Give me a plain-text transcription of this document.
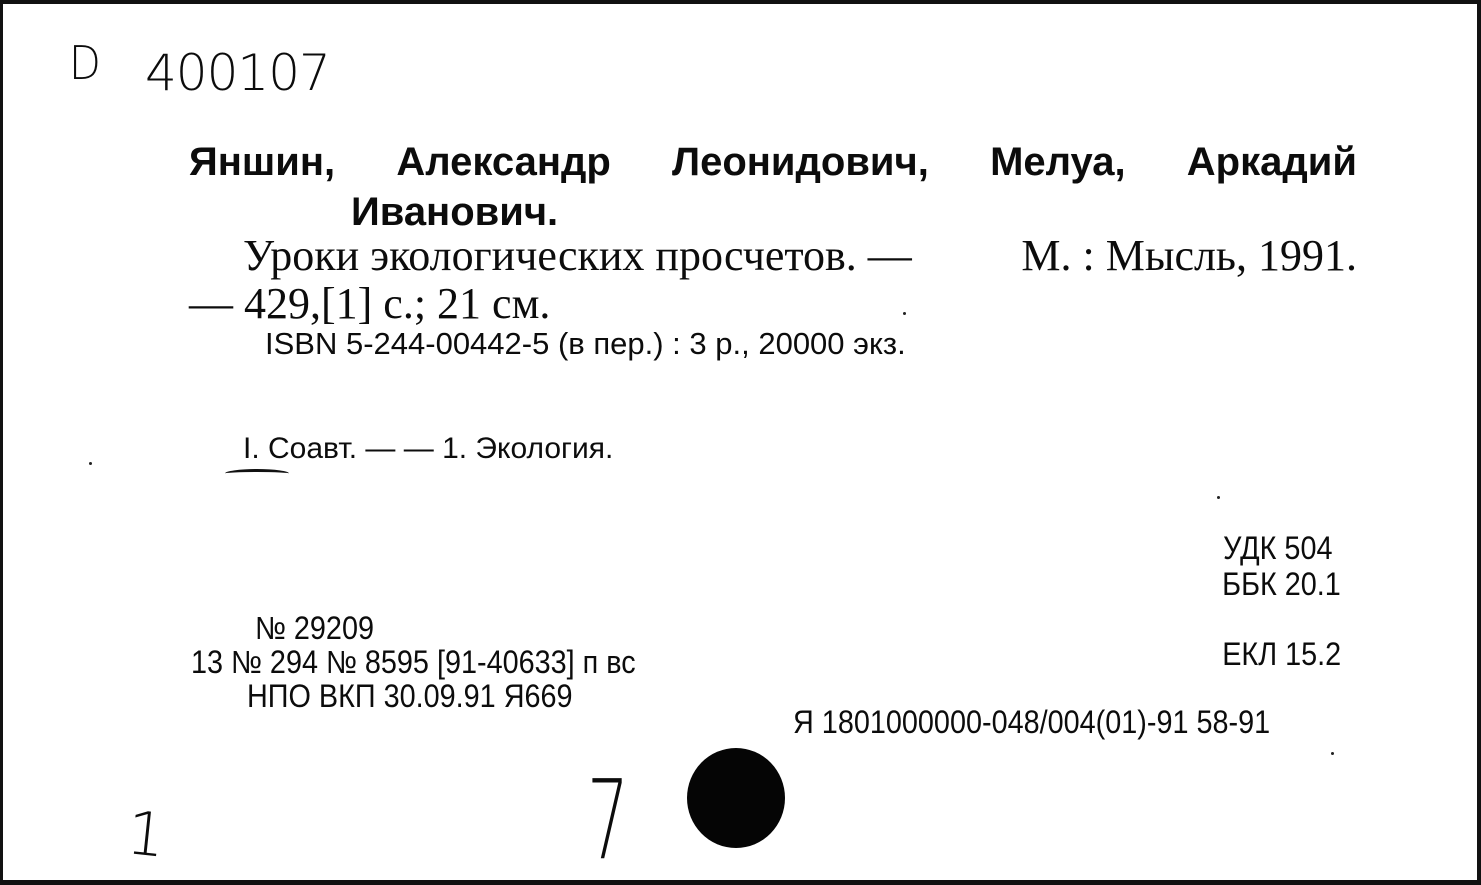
D 400107
Яншин, Александр Леонидович, Мелуа, Аркадий
Иванович.
Уроки экологических просчетов. — М. : Мысль, 1991.
— 429,[1] с.; 21 см.
ISBN 5-244-00442-5 (в пер.) : 3 р., 20000 экз.
I. Соавт. — — 1. Экология.
УДК 504
ББК 20.1
ЕКЛ 15.2
№ 29209
13 № 294 № 8595 [91-40633] п вс
НПО ВКП 30.09.91 Я669
Я 1801000000-048/004(01)-91 58-91
1	7
